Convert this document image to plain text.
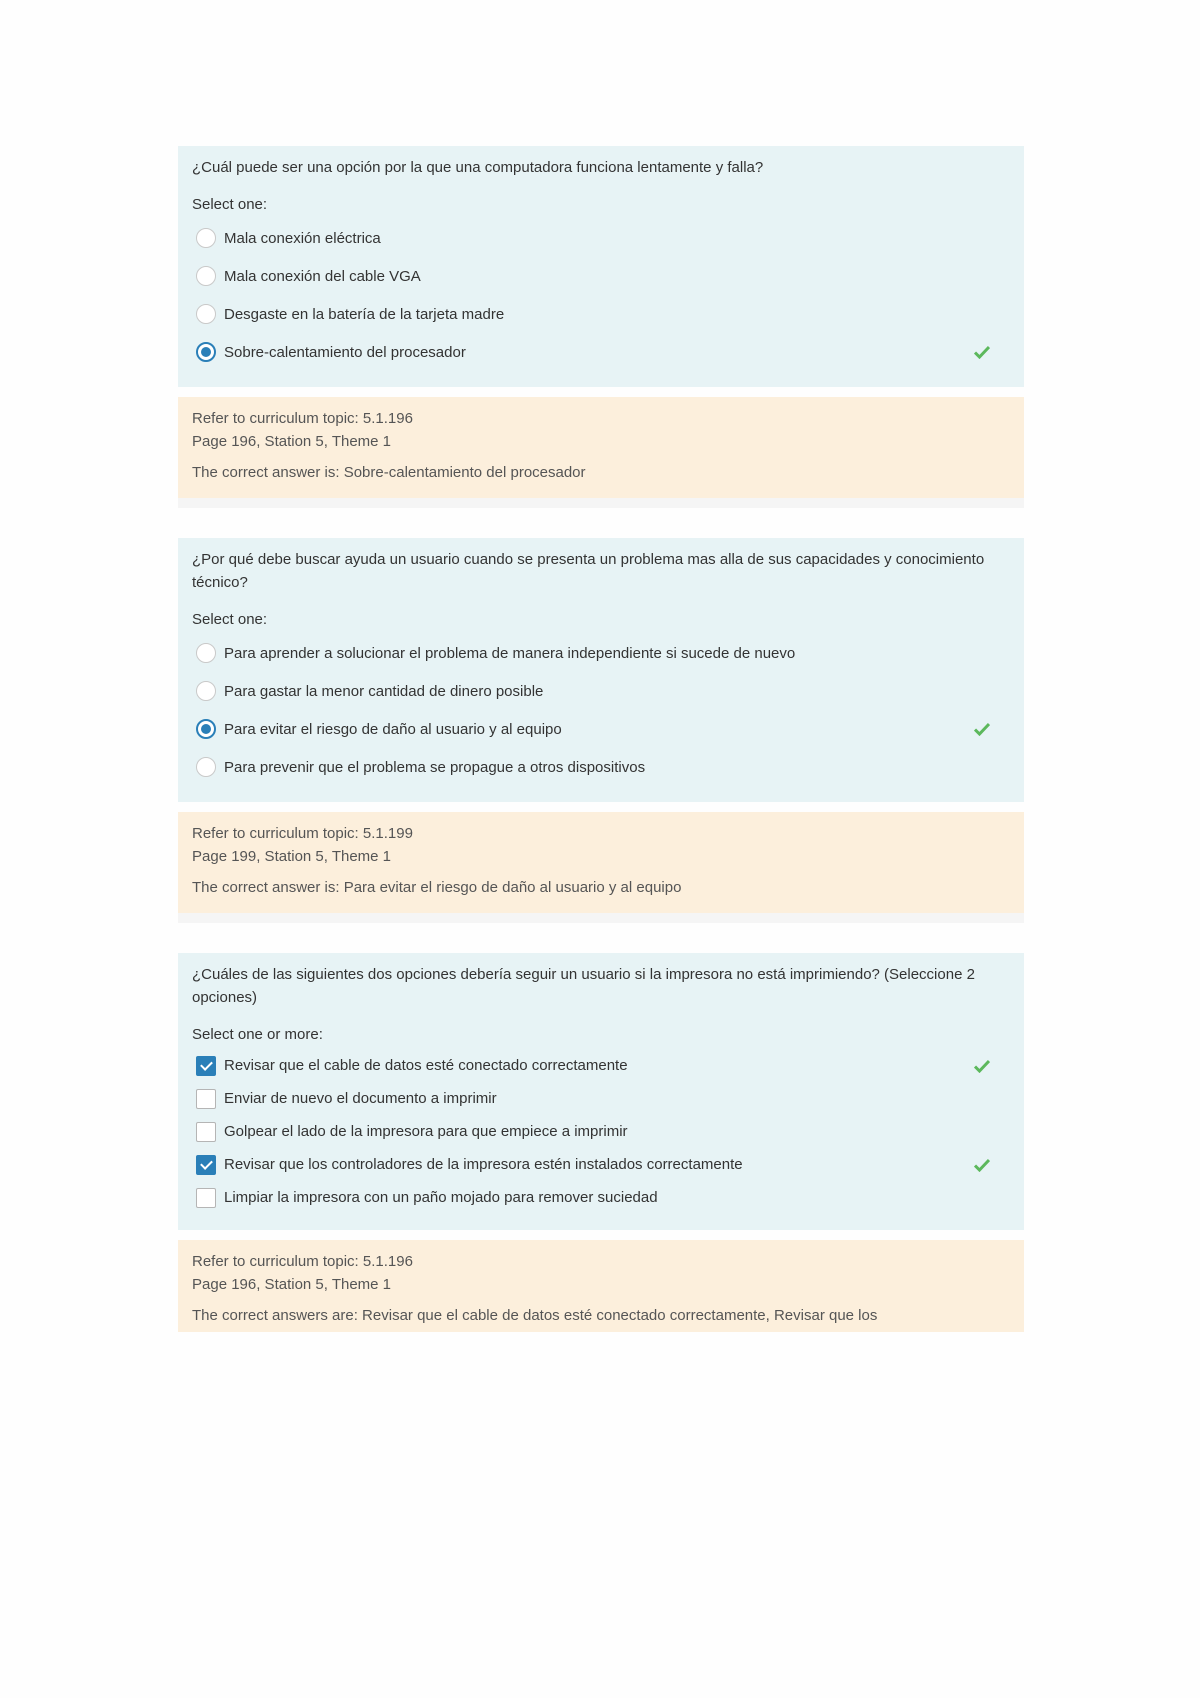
¿Cuál puede ser una opción por la que una computadora funciona lentamente y falla?

Select one:

Mala conexión eléctrica
Mala conexión del cable VGA
Desgaste en la batería de la tarjeta madre
Sobre-calentamiento del procesador
Refer to curriculum topic: 5.1.196
Page 196, Station 5, Theme 1
The correct answer is: Sobre-calentamiento del procesador

¿Por qué debe buscar ayuda un usuario cuando se presenta un problema mas alla de sus capacidades y conocimiento técnico?

Select one:

Para aprender a solucionar el problema de manera independiente si sucede de nuevo
Para gastar la menor cantidad de dinero posible
Para evitar el riesgo de daño al usuario y al equipo
Para prevenir que el problema se propague a otros dispositivos
Refer to curriculum topic: 5.1.199
Page 199, Station 5, Theme 1
The correct answer is: Para evitar el riesgo de daño al usuario y al equipo

¿Cuáles de las siguientes dos opciones debería seguir un usuario si la impresora no está imprimiendo? (Seleccione 2 opciones)

Select one or more:

Revisar que el cable de datos esté conectado correctamente
Enviar de nuevo el documento a imprimir
Golpear el lado de la impresora para que empiece a imprimir
Revisar que los controladores de la impresora estén instalados correctamente
Limpiar la impresora con un paño mojado para remover suciedad
Refer to curriculum topic: 5.1.196
Page 196, Station 5, Theme 1
The correct answers are: Revisar que el cable de datos esté conectado correctamente, Revisar que los
